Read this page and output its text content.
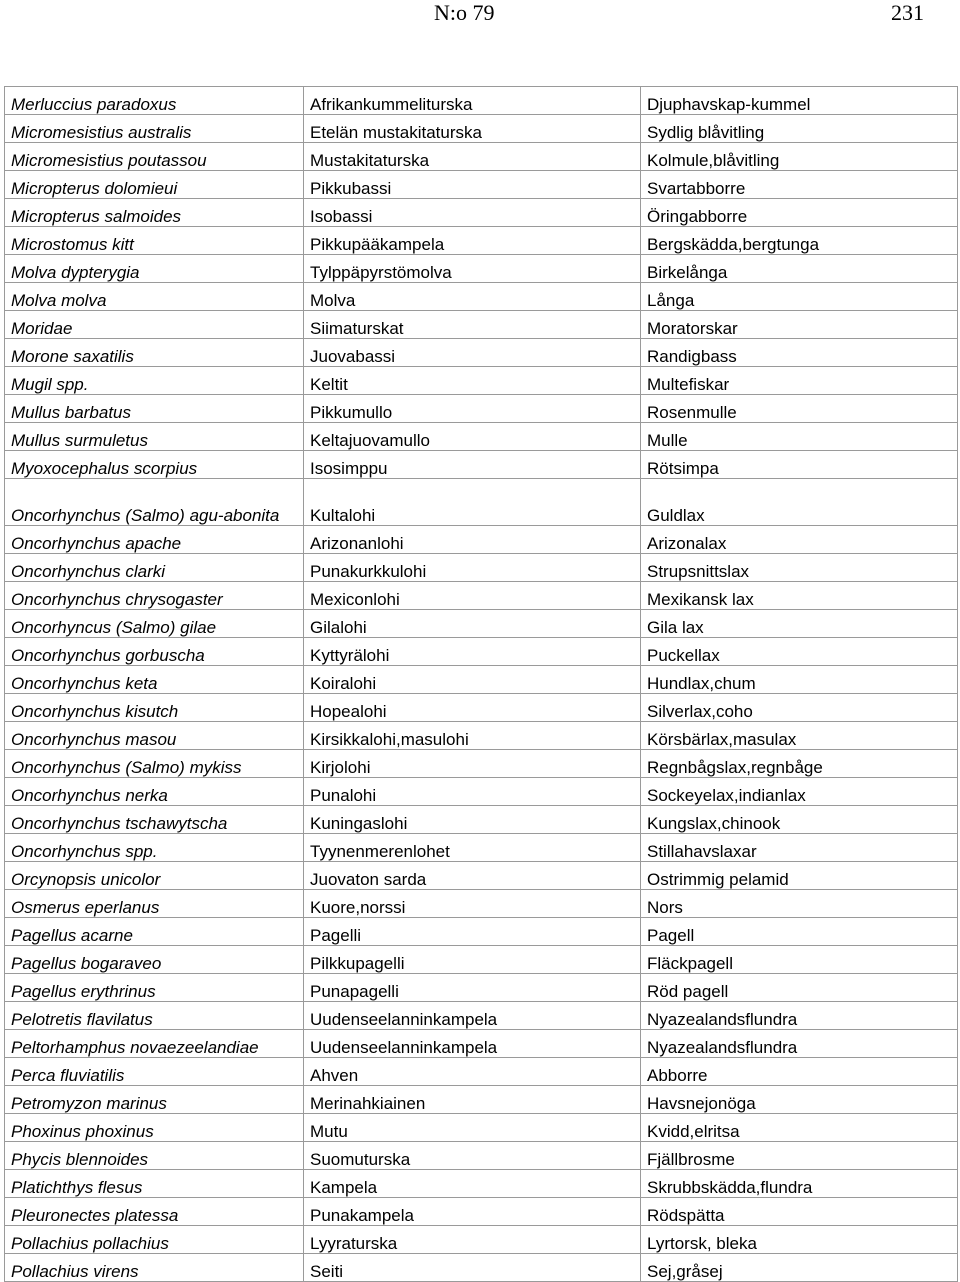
N:o 79	231
Merluccius paradoxus	Afrikankummeliturska	Djuphavskap-kummel
Micromesistius australis	Etelän mustakitaturska	Sydlig blåvitling
Micromesistius poutassou	Mustakitaturska	Kolmule,blåvitling
Micropterus dolomieui	Pikkubassi	Svartabborre
Micropterus salmoides	Isobassi	Öringabborre
Microstomus kitt	Pikkupääkampela	Bergskädda,bergtunga
Molva dypterygia	Tylppäpyrstömolva	Birkelånga
Molva molva	Molva	Långa
Moridae	Siimaturskat	Moratorskar
Morone saxatilis	Juovabassi	Randigbass
Mugil spp.	Keltit	Multefiskar
Mullus barbatus	Pikkumullo	Rosenmulle
Mullus surmuletus	Keltajuovamullo	Mulle
Myoxocephalus scorpius	Isosimppu	Rötsimpa
Oncorhynchus (Salmo) agu-abonita	Kultalohi	Guldlax
Oncorhynchus apache	Arizonanlohi	Arizonalax
Oncorhynchus clarki	Punakurkkulohi	Strupsnittslax
Oncorhynchus chrysogaster	Mexiconlohi	Mexikansk lax
Oncorhyncus (Salmo) gilae	Gilalohi	Gila lax
Oncorhynchus gorbuscha	Kyttyrälohi	Puckellax
Oncorhynchus keta	Koiralohi	Hundlax,chum
Oncorhynchus kisutch	Hopealohi	Silverlax,coho
Oncorhynchus masou	Kirsikkalohi,masulohi	Körsbärlax,masulax
Oncorhynchus (Salmo) mykiss	Kirjolohi	Regnbågslax,regnbåge
Oncorhynchus nerka	Punalohi	Sockeyelax,indianlax
Oncorhynchus tschawytscha	Kuningaslohi	Kungslax,chinook
Oncorhynchus spp.	Tyynenmerenlohet	Stillahavslaxar
Orcynopsis unicolor	Juovaton sarda	Ostrimmig pelamid
Osmerus eperlanus	Kuore,norssi	Nors
Pagellus acarne	Pagelli	Pagell
Pagellus bogaraveo	Pilkkupagelli	Fläckpagell
Pagellus erythrinus	Punapagelli	Röd pagell
Pelotretis flavilatus	Uudenseelanninkampela	Nyazealandsflundra
Peltorhamphus novaezeelandiae	Uudenseelanninkampela	Nyazealandsflundra
Perca fluviatilis	Ahven	Abborre
Petromyzon marinus	Merinahkiainen	Havsnejonöga
Phoxinus phoxinus	Mutu	Kvidd,elritsa
Phycis blennoides	Suomuturska	Fjällbrosme
Platichthys flesus	Kampela	Skrubbskädda,flundra
Pleuronectes platessa	Punakampela	Rödspätta
Pollachius pollachius	Lyyraturska	Lyrtorsk, bleka
Pollachius virens	Seiti	Sej,gråsej
